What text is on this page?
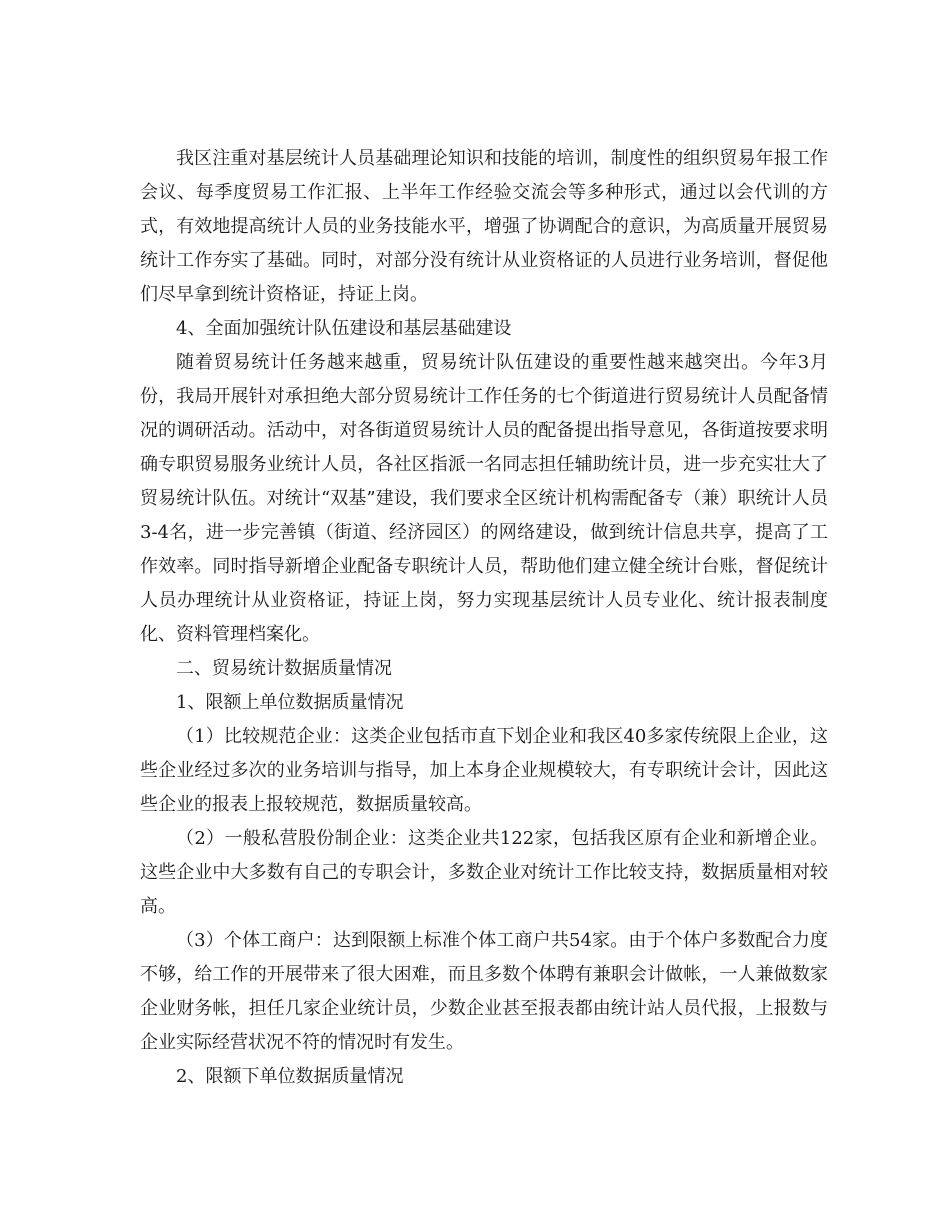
我区注重对基层统计人员基础理论知识和技能的培训，制度性的组织贸易年报工作会议、每季度贸易工作汇报、上半年工作经验交流会等多种形式，通过以会代训的方式，有效地提高统计人员的业务技能水平，增强了协调配合的意识，为高质量开展贸易统计工作夯实了基础。同时，对部分没有统计从业资格证的人员进行业务培训，督促他们尽早拿到统计资格证，持证上岗。

4、全面加强统计队伍建设和基层基础建设

随着贸易统计任务越来越重，贸易统计队伍建设的重要性越来越突出。今年3月份，我局开展针对承担绝大部分贸易统计工作任务的七个街道进行贸易统计人员配备情况的调研活动。活动中，对各街道贸易统计人员的配备提出指导意见，各街道按要求明确专职贸易服务业统计人员，各社区指派一名同志担任辅助统计员，进一步充实壮大了贸易统计队伍。对统计“双基”建设，我们要求全区统计机构需配备专（兼）职统计人员3-4名，进一步完善镇（街道、经济园区）的网络建设，做到统计信息共享，提高了工作效率。同时指导新增企业配备专职统计人员，帮助他们建立健全统计台账，督促统计人员办理统计从业资格证，持证上岗，努力实现基层统计人员专业化、统计报表制度化、资料管理档案化。

二、贸易统计数据质量情况

1、限额上单位数据质量情况

（1）比较规范企业：这类企业包括市直下划企业和我区40多家传统限上企业，这些企业经过多次的业务培训与指导，加上本身企业规模较大，有专职统计会计，因此这些企业的报表上报较规范，数据质量较高。

（2）一般私营股份制企业：这类企业共122家，包括我区原有企业和新增企业。这些企业中大多数有自己的专职会计，多数企业对统计工作比较支持，数据质量相对较高。

（3）个体工商户：达到限额上标准个体工商户共54家。由于个体户多数配合力度不够，给工作的开展带来了很大困难，而且多数个体聘有兼职会计做帐，一人兼做数家企业财务帐，担任几家企业统计员，少数企业甚至报表都由统计站人员代报，上报数与企业实际经营状况不符的情况时有发生。

2、限额下单位数据质量情况
